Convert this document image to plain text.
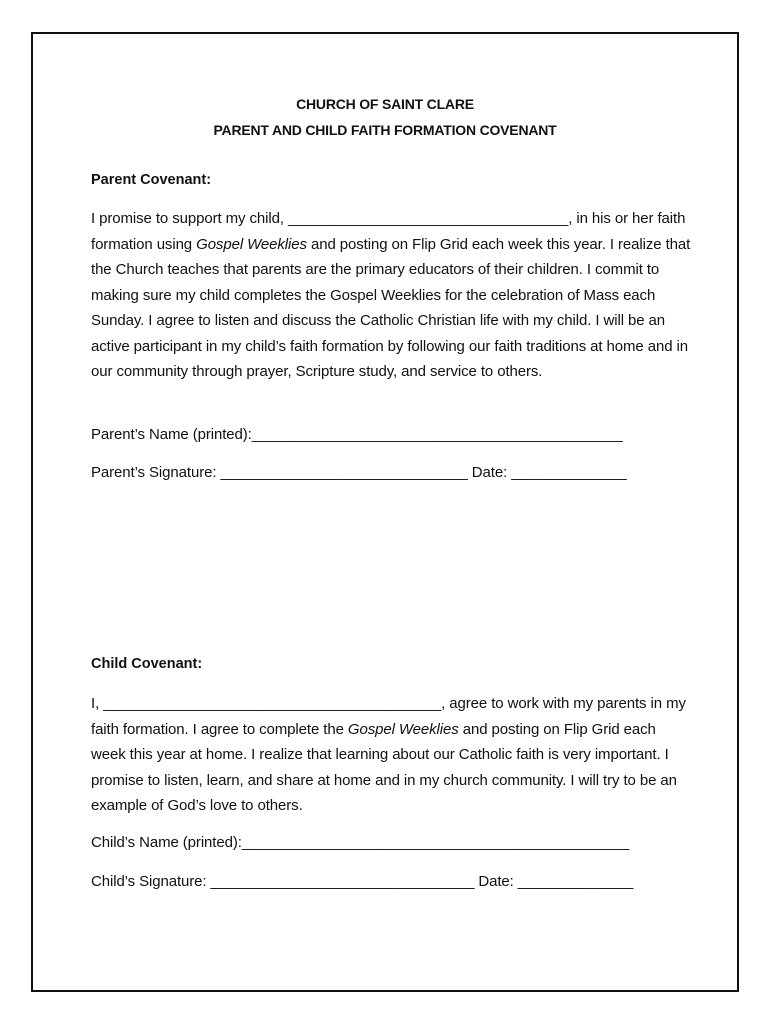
CHURCH OF SAINT CLARE
PARENT AND CHILD FAITH FORMATION COVENANT
Parent Covenant:
I promise to support my child, __________________________________, in his or her faith formation using Gospel Weeklies and posting on Flip Grid each week this year. I realize that the Church teaches that parents are the primary educators of their children. I commit to making sure my child completes the Gospel Weeklies for the celebration of Mass each Sunday. I agree to listen and discuss the Catholic Christian life with my child. I will be an active participant in my child’s faith formation by following our faith traditions at home and in our community through prayer, Scripture study, and service to others.
Parent’s Name (printed):_____________________________________________
Parent’s Signature: ______________________________ Date: ______________
Child Covenant:
I, _________________________________________, agree to work with my parents in my faith formation. I agree to complete the Gospel Weeklies and posting on Flip Grid each week this year at home. I realize that learning about our Catholic faith is very important. I promise to listen, learn, and share at home and in my church community. I will try to be an example of God’s love to others.
Child’s Name (printed):_______________________________________________
Child’s Signature: ________________________________ Date: ______________
